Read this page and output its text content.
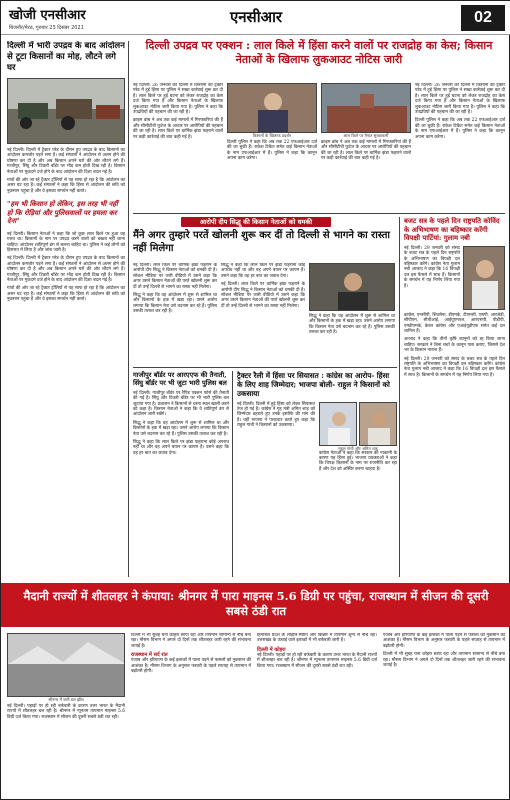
खोजी एनसीआर
बिजनौर/मेरठ, गुरुवार 23 दिसंबर 2021
एनसीआर	02
दिल्ली में भारी उपद्रव के बाद आंदोलन से टूटा किसानों का मोह, लौटने लगे घर
नई दिल्ली। दिल्ली में ट्रैक्टर परेड के दौरान हुए उपद्रव के बाद किसानों का आंदोलन कमजोर पड़ने लगा है। कई संगठनों ने आंदोलन से अलग होने की घोषणा कर दी है और अब किसान अपने घरों की ओर लौटने लगे हैं। गाजीपुर, सिंघु और टिकरी बॉर्डर पर भीड़ कम होती दिख रही है। किसान नेताओं पर मुकदमे दर्ज होने के बाद आंदोलन की दिशा बदल गई है।
गांवों की ओर जा रहे ट्रैक्टर ट्रॉलियों से यह साफ हो रहा है कि आंदोलन का असर घट रहा है। कई संगठनों ने कहा कि हिंसा से आंदोलन की छवि को नुकसान पहुंचा है और वे इसका समर्थन नहीं करते।
"हम भी किसान हो लेकिन, इस तरह भी नहीं हो कि रोड़ियां और पुलिसवालों पर हमला कर देना"
नई दिल्ली। किसान नेताओं ने कहा कि जो कुछ लाल किले पर हुआ वह गलत था। किसानों के नाम पर उपद्रव करने वालों को बख्शा नहीं जाना चाहिए। आंदोलन शांतिपूर्ण ढंग से चलना चाहिए था। पुलिस ने कई लोगों को हिरासत में लिया है और जांच जारी है।
नई दिल्ली। दिल्ली में ट्रैक्टर परेड के दौरान हुए उपद्रव के बाद किसानों का आंदोलन कमजोर पड़ने लगा है। कई संगठनों ने आंदोलन से अलग होने की घोषणा कर दी है और अब किसान अपने घरों की ओर लौटने लगे हैं। गाजीपुर, सिंघु और टिकरी बॉर्डर पर भीड़ कम होती दिख रही है। किसान नेताओं पर मुकदमे दर्ज होने के बाद आंदोलन की दिशा बदल गई है।
गांवों की ओर जा रहे ट्रैक्टर ट्रॉलियों से यह साफ हो रहा है कि आंदोलन का असर घट रहा है। कई संगठनों ने कहा कि हिंसा से आंदोलन की छवि को नुकसान पहुंचा है और वे इसका समर्थन नहीं करते।
दिल्ली उपद्रव पर एक्शन : लाल किले में हिंसा करने वालों पर राजद्रोह का केस; किसान नेताओं के खिलाफ लुकआउट नोटिस जारी
नई दिल्ली। 26 जनवरी को दिल्ली में किसानों की ट्रैक्टर परेड में हुई हिंसा पर पुलिस ने सख्त कार्रवाई शुरू कर दी है। लाल किले पर हुई घटना को लेकर राजद्रोह का केस दर्ज किया गया है और किसान नेताओं के खिलाफ लुकआउट नोटिस जारी किया गया है। पुलिस ने कहा कि उपद्रवियों की पहचान की जा रही है।
क्राइम ब्रांच ने अब तक कई मामलों में गिरफ्तारियां की हैं और सीसीटीवी फुटेज के आधार पर आरोपियों की पहचान की जा रही है। लाल किले पर धार्मिक झंडा फहराने वालों पर कड़ी कार्रवाई की बात कही गई है।	किसानों के खिलाफ प्रदर्शन
दिल्ली पुलिस ने कहा कि अब तक 22 एफआईआर दर्ज की जा चुकी हैं। राकेश टिकैत समेत कई किसान नेताओं के नाम एफआईआर में हैं। पुलिस ने कहा कि कानून अपना काम करेगा।
लाल किले पर तैनात सुरक्षाकर्मी
क्राइम ब्रांच ने अब तक कई मामलों में गिरफ्तारियां की हैं और सीसीटीवी फुटेज के आधार पर आरोपियों की पहचान की जा रही है। लाल किले पर धार्मिक झंडा फहराने वालों पर कड़ी कार्रवाई की बात कही गई है।
नई दिल्ली। 26 जनवरी को दिल्ली में किसानों की ट्रैक्टर परेड में हुई हिंसा पर पुलिस ने सख्त कार्रवाई शुरू कर दी है। लाल किले पर हुई घटना को लेकर राजद्रोह का केस दर्ज किया गया है और किसान नेताओं के खिलाफ लुकआउट नोटिस जारी किया गया है। पुलिस ने कहा कि उपद्रवियों की पहचान की जा रही है।
दिल्ली पुलिस ने कहा कि अब तक 22 एफआईआर दर्ज की जा चुकी हैं। राकेश टिकैत समेत कई किसान नेताओं के नाम एफआईआर में हैं। पुलिस ने कहा कि कानून अपना काम करेगा।
आरोपी दीप सिद्धू की किसान नेताओं को धमकी
मैंने अगर तुम्हारे परतें खोलनी शुरू कर दीं तो दिल्ली से भागने का रास्ता नहीं मिलेगा
नई दिल्ली। लाल किले पर धार्मिक झंडा फहराने के आरोपी दीप सिद्धू ने किसान नेताओं को धमकी दी है। सोशल मीडिया पर जारी वीडियो में उसने कहा कि अगर उसने किसान नेताओं की परतें खोलनी शुरू कर दीं तो उन्हें दिल्ली से भागने का रास्ता नहीं मिलेगा।
सिद्धू ने कहा कि वह आंदोलन में शुरू से शामिल था और किसानों के हक में खड़ा रहा। उसने आरोप लगाया कि किसान नेता उसे बदनाम कर रहे हैं। पुलिस उसकी तलाश कर रही है।
सिद्धू ने कहा कि लाल किले पर झंडा फहराना कोई अपराध नहीं था और वह अपने बयान पर कायम है। उसने कहा कि वह हर बात का जवाब देगा।
नई दिल्ली। लाल किले पर धार्मिक झंडा फहराने के आरोपी दीप सिद्धू ने किसान नेताओं को धमकी दी है। सोशल मीडिया पर जारी वीडियो में उसने कहा कि अगर उसने किसान नेताओं की परतें खोलनी शुरू कर दीं तो उन्हें दिल्ली से भागने का रास्ता नहीं मिलेगा।
सिद्धू ने कहा कि वह आंदोलन में शुरू से शामिल था और किसानों के हक में खड़ा रहा। उसने आरोप लगाया कि किसान नेता उसे बदनाम कर रहे हैं। पुलिस उसकी तलाश कर रही है।
बजट सत्र के पहले दिन राष्ट्रपति कोविंद के अभिभाषण का बहिष्कार करेंगी विपक्षी पार्टियां: गुलाम नबी
नई दिल्ली। 29 जनवरी को संसद के बजट सत्र के पहले दिन राष्ट्रपति के अभिभाषण का विपक्षी दल बहिष्कार करेंगे। कांग्रेस नेता गुलाम नबी आजाद ने कहा कि 16 विपक्षी दल इस फैसले में साथ हैं। किसानों के समर्थन में यह निर्णय लिया गया है।
कांग्रेस, एनसीपी, शिवसेना, डीएमके, टीएमसी, एसपी, आरजेडी, सीपीएम, सीपीआई, आईयूएमएल, आरएसपी, पीडीपी, एमडीएमके, केरल कांग्रेस और एआईयूडीएफ समेत कई दल शामिल हैं।
आजाद ने कहा कि तीनों कृषि कानूनों को रद्द किया जाना चाहिए। सरकार ने बिना चर्चा के कानून पास कराए, जिससे देश भर के किसान नाराज हैं।
नई दिल्ली। 29 जनवरी को संसद के बजट सत्र के पहले दिन राष्ट्रपति के अभिभाषण का विपक्षी दल बहिष्कार करेंगे। कांग्रेस नेता गुलाम नबी आजाद ने कहा कि 16 विपक्षी दल इस फैसले में साथ हैं। किसानों के समर्थन में यह निर्णय लिया गया है।
गाजीपुर बॉर्डर पर आरएएफ की तैनाती, सिंघु बॉर्डर पर भी जुटा भारी पुलिस बल
नई दिल्ली। गाजीपुर बॉर्डर पर रैपिड एक्शन फोर्स की तैनाती की गई है। सिंघु और टिकरी बॉर्डर पर भी भारी पुलिस बल जुटाया गया है। प्रशासन ने किसानों से धरना स्थल खाली करने को कहा है। किसान नेताओं ने कहा कि वे शांतिपूर्ण ढंग से आंदोलन जारी रखेंगे।
सिद्धू ने कहा कि वह आंदोलन में शुरू से शामिल था और किसानों के हक में खड़ा रहा। उसने आरोप लगाया कि किसान नेता उसे बदनाम कर रहे हैं। पुलिस उसकी तलाश कर रही है।
सिद्धू ने कहा कि लाल किले पर झंडा फहराना कोई अपराध नहीं था और वह अपने बयान पर कायम है। उसने कहा कि वह हर बात का जवाब देगा।
ट्रैक्टर रैली में हिंसा पर सियासत : कांग्रेस का आरोप- हिंसा के लिए शाह जिम्मेदार; भाजपा बोली- राहुल ने किसानों को उकसाया
नई दिल्ली। दिल्ली में हुई हिंसा को लेकर सियासत तेज हो गई है। कांग्रेस ने गृह मंत्री अमित शाह को जिम्मेदार ठहराते हुए उनके इस्तीफे की मांग की है। वहीं भाजपा ने पलटवार करते हुए कहा कि राहुल गांधी ने किसानों को उकसाया।
राहुल गांधी और अमित शाह
कांग्रेस नेताओं ने कहा कि सरकार की नाकामी के कारण यह हिंसा हुई। भाजपा प्रवक्ताओं ने कहा कि विपक्ष किसानों के नाम पर राजनीति कर रहा है और देश को अस्थिर करना चाहता है।
मैदानी राज्यों में शीतलहर ने कंपाया: श्रीनगर में पारा माइनस 5.6 डिग्री पर पहुंचा, राजस्थान में सीजन की दूसरी सबसे ठंडी रात
श्रीनगर में जमी डल झील
नई दिल्ली। पहाड़ों पर हो रही बर्फबारी के कारण उत्तर भारत के मैदानी राज्यों में शीतलहर चल रही है। श्रीनगर में न्यूनतम तापमान माइनस 5.6 डिग्री दर्ज किया गया। राजस्थान में सीजन की दूसरी सबसे ठंडी रात रही।
दिल्ली में भी सुबह घना कोहरा छाया रहा और तापमान सामान्य से नीचे बना रहा। मौसम विभाग ने अगले दो दिनों तक शीतलहर जारी रहने की संभावना जताई है।
राजस्थान में सर्द रात
पंजाब और हरियाणा के कई इलाकों में पाला पड़ने से फसलों को नुकसान की आशंका है। मौसम विभाग के अनुसार फरवरी के पहले सप्ताह से तापमान में बढ़ोतरी होगी।
हिमाचल प्रदेश के लाहौल-स्पीति और किन्नौर में तापमान शून्य से नीचे रहा। उत्तराखंड के ऊंचाई वाले इलाकों में भी बर्फबारी जारी है।
दिल्ली में कोहरा
नई दिल्ली। पहाड़ों पर हो रही बर्फबारी के कारण उत्तर भारत के मैदानी राज्यों में शीतलहर चल रही है। श्रीनगर में न्यूनतम तापमान माइनस 5.6 डिग्री दर्ज किया गया। राजस्थान में सीजन की दूसरी सबसे ठंडी रात रही।
पंजाब और हरियाणा के कई इलाकों में पाला पड़ने से फसलों को नुकसान की आशंका है। मौसम विभाग के अनुसार फरवरी के पहले सप्ताह से तापमान में बढ़ोतरी होगी।
दिल्ली में भी सुबह घना कोहरा छाया रहा और तापमान सामान्य से नीचे बना रहा। मौसम विभाग ने अगले दो दिनों तक शीतलहर जारी रहने की संभावना जताई है।
